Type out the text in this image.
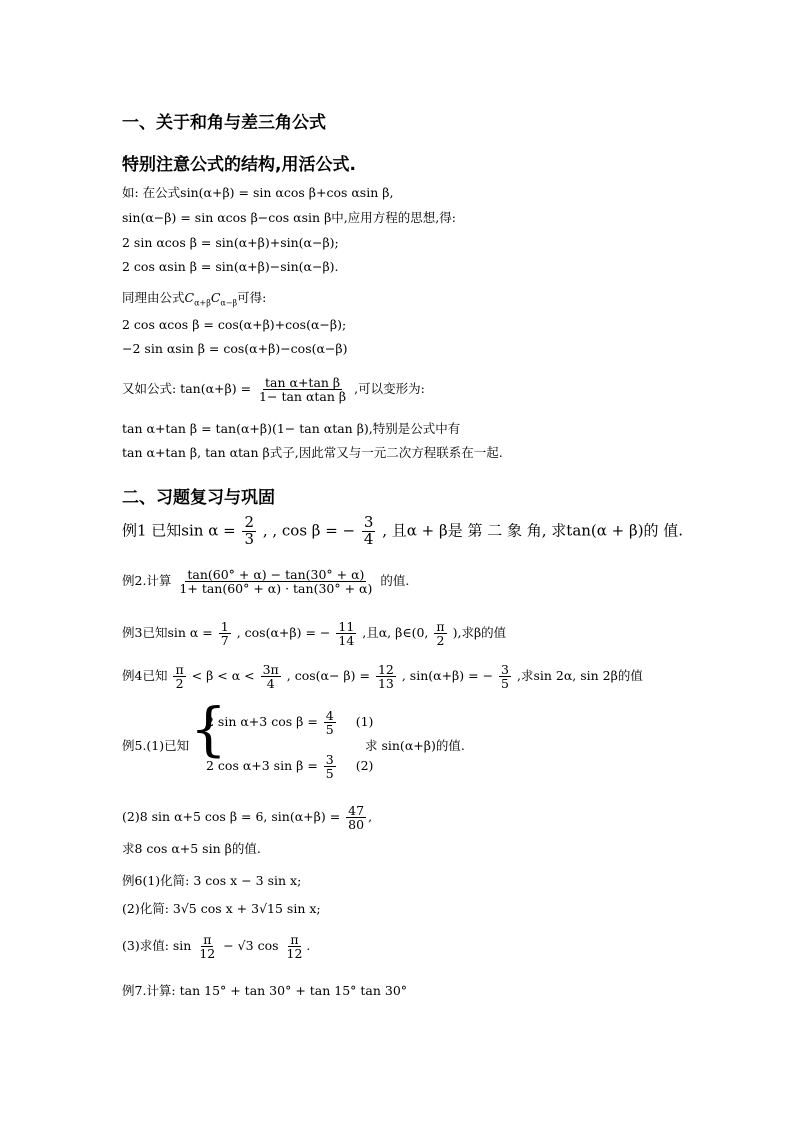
一、关于和角与差三角公式
特别注意公式的结构,用活公式.
如: 在公式sin(α+β) = sin αcos β+cos αsin β,
sin(α−β) = sin αcos β−cos αsin β中,应用方程的思想,得:
2 sin αcos β = sin(α+β)+sin(α−β);
2 cos αsin β = sin(α+β)−sin(α−β).
同理由公式$C_{\alpha+\beta}C_{\alpha-\beta}$可得:
2 cos αcos β = cos(α+β)+cos(α−β);
−2 sin αsin β = cos(α+β)−cos(α−β)
又如公式: $\tan(\alpha+\beta) = \frac{\text{tan α+tan β}}{\text{1− tan αtan β}}$ ,可以变形为:
tan α+tan β = tan(α+β)(1− tan αtan β),特别是公式中有
tan α+tan β, tan αtan β式子,因此常又与一元二次方程联系在一起.
二、习题复习与巩固
例1 已知$\sin \alpha = \frac{2}{3}$ , , cos β = − $\frac{3}{4}$ , 且α + β是 第 二 象 角, 求tan(α + β)的 值.
例2.计算 $\frac{\tan(60^\circ + \alpha) - \tan(30^\circ + \alpha)}{1+ \tan(60^\circ + \alpha) \cdot \tan(30^\circ + \alpha)}$ 的值.
例3已知$\sin \alpha = \frac{1}{7}$ , cos(α+β) = − $\frac{11}{14}$ ,且α, β∈(0, $\frac{\pi}{2}$ ),求β的值
例4已知 $\frac{\pi}{2} < \beta < \alpha < \frac{3\pi}{4}$ , $\cos(\alpha- \beta) = \frac{12}{13}$ , sin(α+β) = − $\frac{3}{5}$ ,求sin 2α, sin 2β的值
例5.(1)已知 {
2 sin α+3 $\cos \beta = \frac{4}{5} (1)$
2 cos α+3 $\sin \beta = \frac{3}{5} (2)$
求 sin(α+β)的值.
(2)8 sin α+5 cos β = 6, $\sin(\alpha+\beta) = \frac{47}{80}$ ,
求8 cos α+5 sin β的值.
例6(1)化简: 3 cos x − 3 sin x;
(2)化简: 3√5 cos x + 3√15 sin x;
(3)求值: $\sin \frac{\pi}{12} - √3$ $\cos \frac{\pi}{12}$ .
例7.计算: tan 15° + tan 30° + tan 15° tan 30°
